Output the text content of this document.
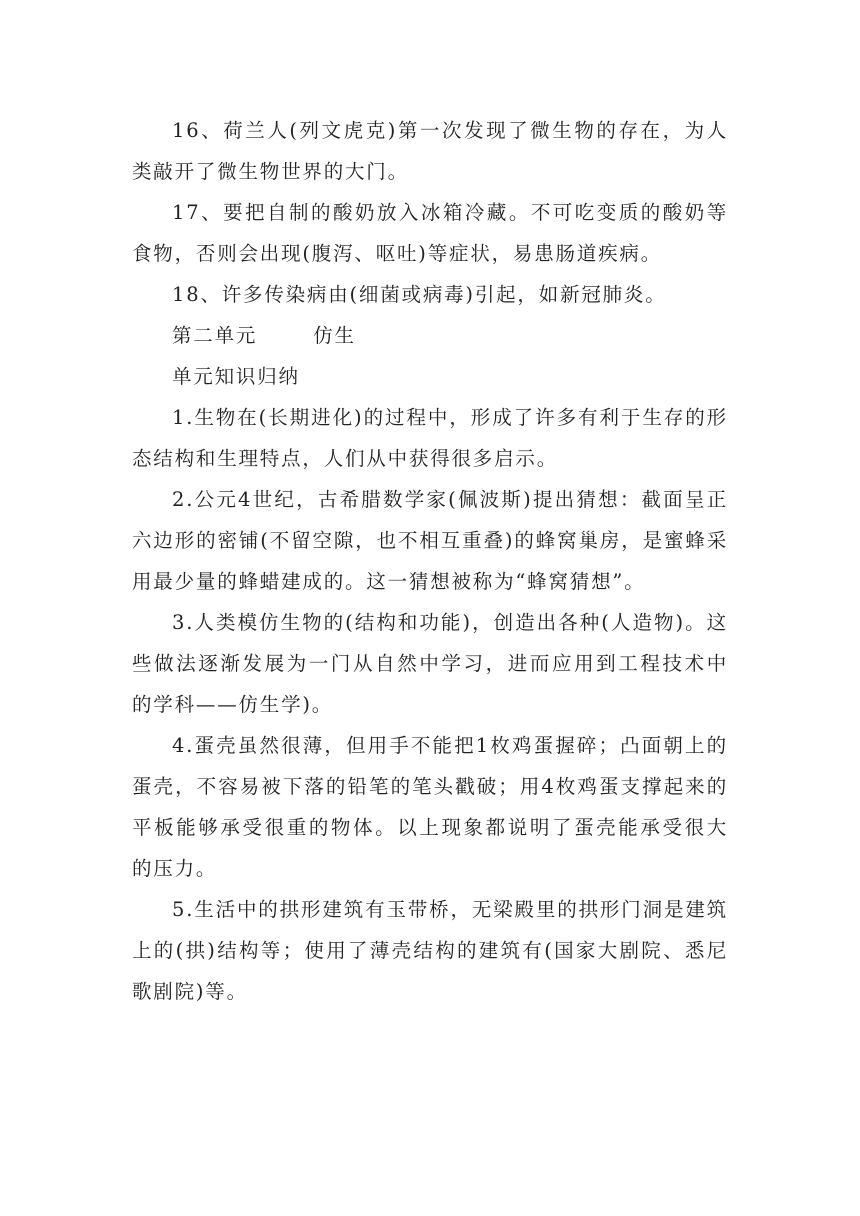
16、荷兰人(列文虎克)第一次发现了微生物的存在，为人类敲开了微生物世界的大门。

17、要把自制的酸奶放入冰箱冷藏。不可吃变质的酸奶等食物，否则会出现(腹泻、呕吐)等症状，易患肠道疾病。

18、许多传染病由(细菌或病毒)引起，如新冠肺炎。

第二单元	仿生

单元知识归纳

1.生物在(长期进化)的过程中，形成了许多有利于生存的形态结构和生理特点，人们从中获得很多启示。

2.公元4世纪，古希腊数学家(佩波斯)提出猜想：截面呈正六边形的密铺(不留空隙，也不相互重叠)的蜂窝巢房，是蜜蜂采用最少量的蜂蜡建成的。这一猜想被称为“蜂窝猜想”。

3.人类模仿生物的(结构和功能)，创造出各种(人造物)。这些做法逐渐发展为一门从自然中学习，进而应用到工程技术中的学科——仿生学)。

4.蛋壳虽然很薄，但用手不能把1枚鸡蛋握碎；凸面朝上的蛋壳，不容易被下落的铅笔的笔头戳破；用4枚鸡蛋支撑起来的平板能够承受很重的物体。以上现象都说明了蛋壳能承受很大的压力。

5.生活中的拱形建筑有玉带桥，无梁殿里的拱形门洞是建筑上的(拱)结构等；使用了薄壳结构的建筑有(国家大剧院、悉尼歌剧院)等。
